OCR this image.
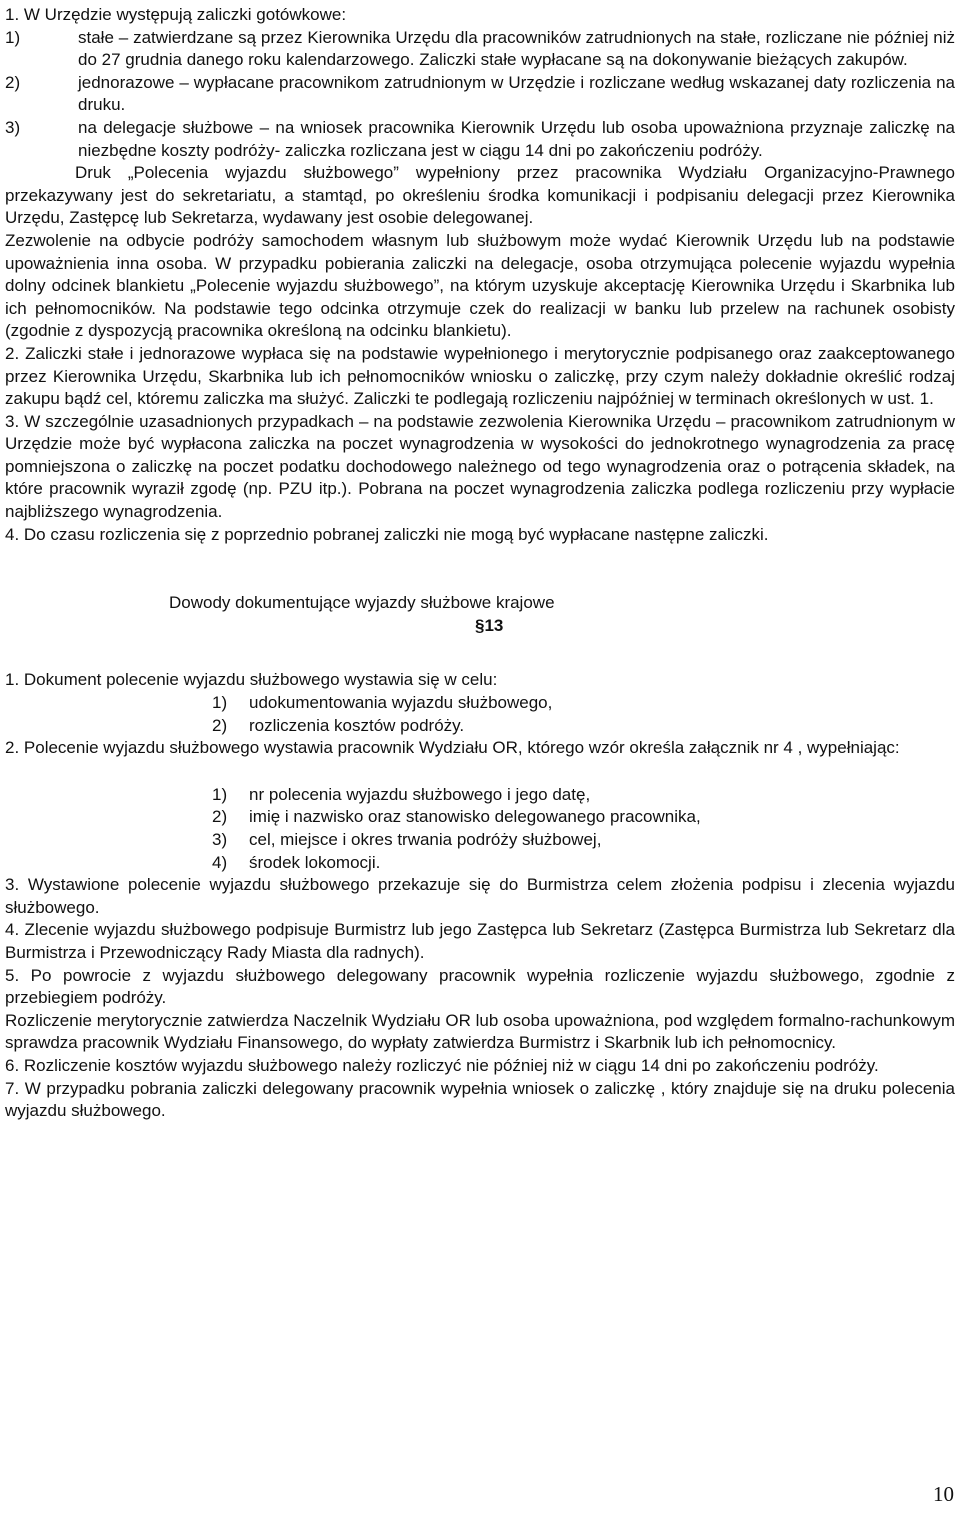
1. W Urzędzie występują zaliczki gotówkowe:

1)	stałe – zatwierdzane są przez Kierownika Urzędu dla pracowników zatrudnionych na stałe, rozliczane nie później niż do 27 grudnia danego roku kalendarzowego. Zaliczki stałe wypłacane są na dokonywanie bieżących zakupów.

2)	jednorazowe – wypłacane pracownikom zatrudnionym w Urzędzie i rozliczane według wskazanej daty rozliczenia na druku.

3)	na delegacje służbowe – na wniosek pracownika Kierownik Urzędu lub osoba upoważniona przyznaje zaliczkę na niezbędne koszty podróży- zaliczka rozliczana jest w ciągu 14 dni po zakończeniu podróży.

Druk „Polecenia wyjazdu służbowego” wypełniony przez pracownika Wydziału Organizacyjno-Prawnego przekazywany jest do sekretariatu, a stamtąd, po określeniu środka komunikacji i podpisaniu delegacji przez Kierownika Urzędu, Zastępcę lub Sekretarza, wydawany jest osobie delegowanej.

Zezwolenie na odbycie podróży samochodem własnym lub służbowym może wydać Kierownik Urzędu lub na podstawie upoważnienia inna osoba. W przypadku pobierania zaliczki na delegacje, osoba otrzymująca polecenie wyjazdu wypełnia dolny odcinek blankietu „Polecenie wyjazdu służbowego”, na którym uzyskuje akceptację Kierownika Urzędu i Skarbnika lub ich pełnomocników. Na podstawie tego odcinka otrzymuje czek do realizacji w banku lub przelew na rachunek osobisty (zgodnie z dyspozycją pracownika określoną na odcinku blankietu).

2. Zaliczki stałe i jednorazowe wypłaca się na podstawie wypełnionego i merytorycznie podpisanego oraz zaakceptowanego przez Kierownika Urzędu, Skarbnika lub ich pełnomocników wniosku o zaliczkę, przy czym należy dokładnie określić rodzaj zakupu bądź cel, któremu zaliczka ma służyć. Zaliczki te podlegają rozliczeniu najpóźniej w terminach określonych w ust. 1.

3. W szczególnie uzasadnionych przypadkach – na podstawie zezwolenia Kierownika Urzędu – pracownikom zatrudnionym w Urzędzie może być wypłacona zaliczka na poczet wynagrodzenia w wysokości do jednokrotnego wynagrodzenia za pracę pomniejszona o zaliczkę na poczet podatku dochodowego należnego od tego wynagrodzenia oraz o potrącenia składek, na które pracownik wyraził zgodę (np. PZU itp.). Pobrana na poczet wynagrodzenia zaliczka podlega rozliczeniu przy wypłacie najbliższego wynagrodzenia.

4. Do czasu rozliczenia się z poprzednio pobranej zaliczki nie mogą być wypłacane następne zaliczki.

Dowody dokumentujące wyjazdy służbowe krajowe

§13

1. Dokument polecenie wyjazdu służbowego wystawia się w celu:

1) udokumentowania wyjazdu służbowego,

2) rozliczenia kosztów podróży.

2. Polecenie wyjazdu służbowego wystawia pracownik Wydziału OR, którego wzór określa załącznik nr 4 , wypełniając:

1) nr polecenia wyjazdu służbowego i jego datę,

2) imię i nazwisko oraz stanowisko delegowanego pracownika,

3) cel, miejsce i okres trwania podróży służbowej,

4) środek lokomocji.

3. Wystawione polecenie wyjazdu służbowego przekazuje się do Burmistrza celem złożenia podpisu i zlecenia wyjazdu służbowego.

4. Zlecenie wyjazdu służbowego podpisuje Burmistrz lub jego Zastępca lub Sekretarz (Zastępca Burmistrza lub Sekretarz dla Burmistrza i Przewodniczący Rady Miasta dla radnych).

5. Po powrocie z wyjazdu służbowego delegowany pracownik wypełnia rozliczenie wyjazdu służbowego, zgodnie z przebiegiem podróży.

Rozliczenie merytorycznie zatwierdza Naczelnik Wydziału OR lub osoba upoważniona, pod względem formalno-rachunkowym sprawdza pracownik Wydziału Finansowego, do wypłaty zatwierdza Burmistrz i Skarbnik lub ich pełnomocnicy.

6. Rozliczenie kosztów wyjazdu służbowego należy rozliczyć nie później niż w ciągu 14 dni po zakończeniu podróży.

7. W przypadku pobrania zaliczki delegowany pracownik wypełnia wniosek o zaliczkę , który znajduje się na druku polecenia wyjazdu służbowego.

10
